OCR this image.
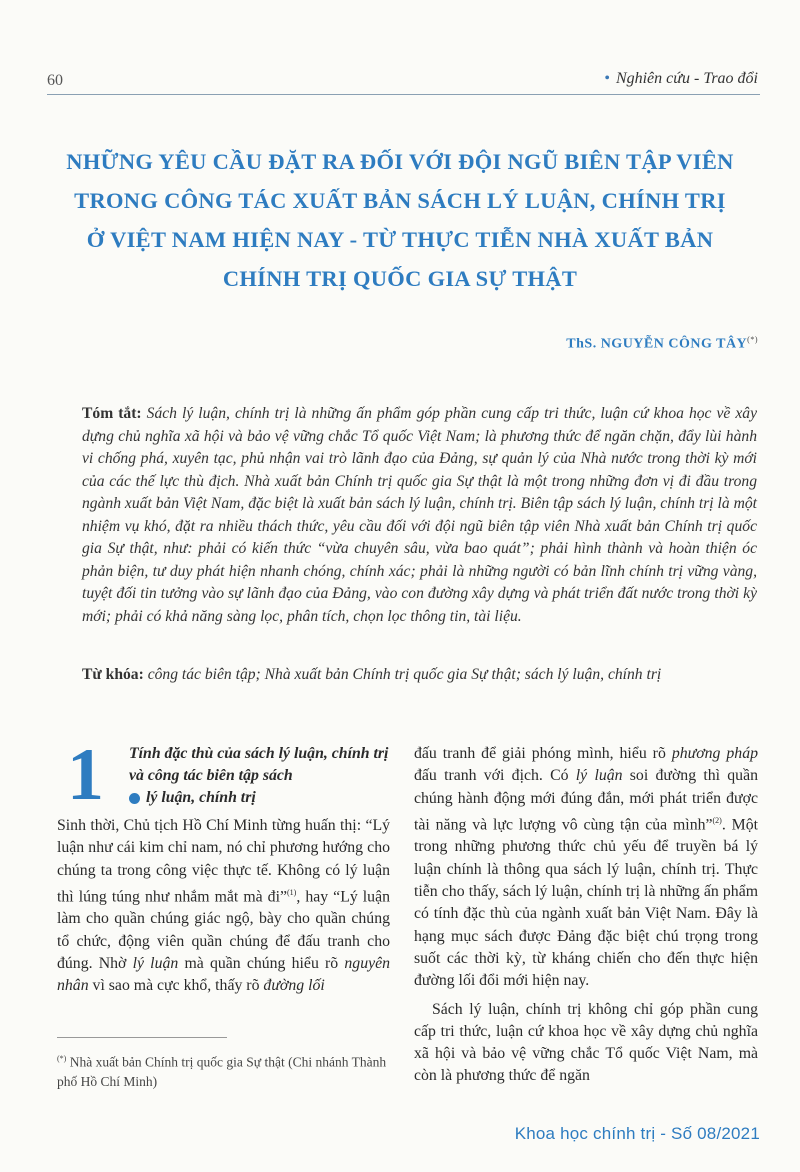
60	• Nghiên cứu - Trao đổi
NHỮNG YÊU CẦU ĐẶT RA ĐỐI VỚI ĐỘI NGŨ BIÊN TẬP VIÊN
TRONG CÔNG TÁC XUẤT BẢN SÁCH LÝ LUẬN, CHÍNH TRỊ
Ở VIỆT NAM HIỆN NAY - TỪ THỰC TIỄN NHÀ XUẤT BẢN
CHÍNH TRỊ QUỐC GIA SỰ THẬT
ThS. NGUYỄN CÔNG TÂY(*)
Tóm tắt: Sách lý luận, chính trị là những ấn phẩm góp phần cung cấp tri thức, luận cứ khoa học về xây dựng chủ nghĩa xã hội và bảo vệ vững chắc Tổ quốc Việt Nam; là phương thức để ngăn chặn, đẩy lùi hành vi chống phá, xuyên tạc, phủ nhận vai trò lãnh đạo của Đảng, sự quản lý của Nhà nước trong thời kỳ mới của các thế lực thù địch. Nhà xuất bản Chính trị quốc gia Sự thật là một trong những đơn vị đi đầu trong ngành xuất bản Việt Nam, đặc biệt là xuất bản sách lý luận, chính trị. Biên tập sách lý luận, chính trị là một nhiệm vụ khó, đặt ra nhiều thách thức, yêu cầu đối với đội ngũ biên tập viên Nhà xuất bản Chính trị quốc gia Sự thật, như: phải có kiến thức “vừa chuyên sâu, vừa bao quát”; phải hình thành và hoàn thiện óc phản biện, tư duy phát hiện nhanh chóng, chính xác; phải là những người có bản lĩnh chính trị vững vàng, tuyệt đối tin tưởng vào sự lãnh đạo của Đảng, vào con đường xây dựng và phát triển đất nước trong thời kỳ mới; phải có khả năng sàng lọc, phân tích, chọn lọc thông tin, tài liệu.
Từ khóa: công tác biên tập; Nhà xuất bản Chính trị quốc gia Sự thật; sách lý luận, chính trị
1 Tính đặc thù của sách lý luận, chính trị và công tác biên tập sách
lý luận, chính trị

Sinh thời, Chủ tịch Hồ Chí Minh từng huấn thị: “Lý luận như cái kim chỉ nam, nó chỉ phương hướng cho chúng ta trong công việc thực tế. Không có lý luận thì lúng túng như nhắm mắt mà đi”$^{(1)}$, hay “Lý luận làm cho quần chúng giác ngộ, bày cho quần chúng tổ chức, động viên quần chúng để đấu tranh cho đúng. Nhờ lý luận mà quần chúng hiểu rõ nguyên nhân vì sao mà cực khổ, thấy rõ đường lối

đấu tranh để giải phóng mình, hiểu rõ phương pháp đấu tranh với địch. Có lý luận soi đường thì quần chúng hành động mới đúng đắn, mới phát triển được tài năng và lực lượng vô cùng tận của mình”$^{(2)}$. Một trong những phương thức chủ yếu để truyền bá lý luận chính là thông qua sách lý luận, chính trị. Thực tiễn cho thấy, sách lý luận, chính trị là những ấn phẩm có tính đặc thù của ngành xuất bản Việt Nam. Đây là hạng mục sách được Đảng đặc biệt chú trọng trong suốt các thời kỳ, từ kháng chiến cho đến thực hiện đường lối đổi mới hiện nay.

Sách lý luận, chính trị không chỉ góp phần cung cấp tri thức, luận cứ khoa học về xây dựng chủ nghĩa xã hội và bảo vệ vững chắc Tổ quốc Việt Nam, mà còn là phương thức để ngăn

(*) Nhà xuất bản Chính trị quốc gia Sự thật (Chi nhánh Thành phố Hồ Chí Minh)
Khoa học chính trị - Số 08/2021
